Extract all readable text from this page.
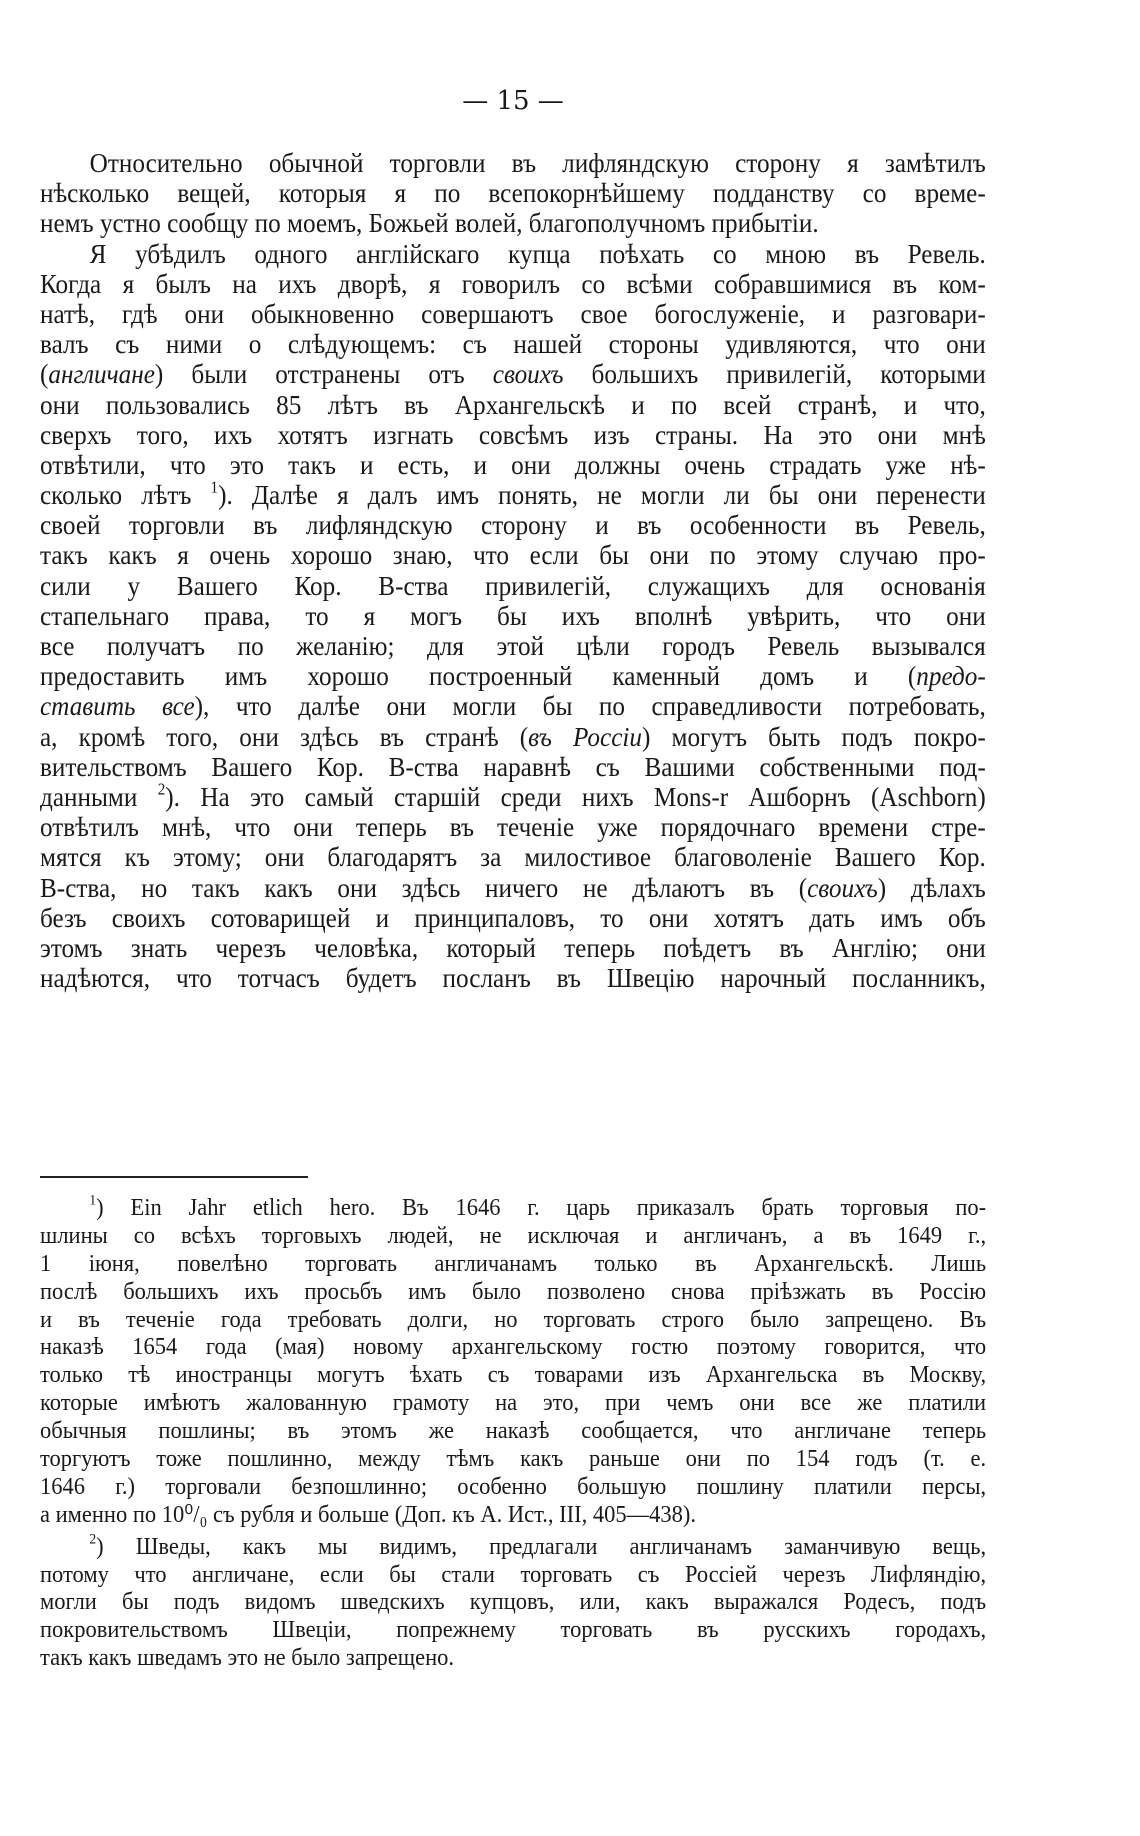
— 15 —
Относительно обычной торговли въ лифляндскую сторону я замѣтилъ
нѣсколько вещей, которыя я по всепокорнѣйшему подданству со време-
немъ устно сообщу по моемъ, Божьей волей, благополучномъ прибытіи.
Я убѣдилъ одного англійскаго купца поѣхать со мною въ Ревель.
Когда я былъ на ихъ дворѣ, я говорилъ со всѣми собравшимися въ ком-
натѣ, гдѣ они обыкновенно совершаютъ свое богослуженіе, и разговари-
валъ съ ними о слѣдующемъ: съ нашей стороны удивляются, что они
(англичане) были отстранены отъ своихъ большихъ привилегій, которыми
они пользовались 85 лѣтъ въ Архангельскѣ и по всей странѣ, и что,
сверхъ того, ихъ хотятъ изгнать совсѣмъ изъ страны. На это они мнѣ
отвѣтили, что это такъ и есть, и они должны очень страдать уже нѣ-
сколько лѣтъ $^1$). Далѣе я далъ имъ понять, не могли ли бы они перенести
своей торговли въ лифляндскую сторону и въ особенности въ Ревель,
такъ какъ я очень хорошо знаю, что если бы они по этому случаю про-
сили у Вашего Кор. В-ства привилегій, служащихъ для основанія
стапельнаго права, то я могъ бы ихъ вполнѣ увѣрить, что они
все получатъ по желанію; для этой цѣли городъ Ревель вызывался
предоставить имъ хорошо построенный каменный домъ и (предо-
ставить все), что далѣе они могли бы по справедливости потребовать,
а, кромѣ того, они здѣсь въ странѣ (въ Россіи) могутъ быть подъ покро-
вительствомъ Вашего Кор. В-ства наравнѣ съ Вашими собственными под-
данными $^2$). На это самый старшій среди нихъ Mons-r Ашборнъ (Aschborn)
отвѣтилъ мнѣ, что они теперь въ теченіе уже порядочнаго времени стре-
мятся къ этому; они благодарятъ за милостивое благоволеніе Вашего Кор.
В-ства, но такъ какъ они здѣсь ничего не дѣлаютъ въ (своихъ) дѣлахъ
безъ своихъ сотоварищей и принципаловъ, то они хотятъ дать имъ объ
этомъ знать черезъ человѣка, который теперь поѣдетъ въ Англію; они
надѣются, что тотчасъ будетъ посланъ въ Швецію нарочный посланникъ,
$^1$) Ein Jahr etlich hero. Въ 1646 г. царь приказалъ брать торговыя по-
шлины со всѣхъ торговыхъ людей, не исключая и англичанъ, а въ 1649 г.,
1 іюня, повелѣно торговать англичанамъ только въ Архангельскѣ. Лишь
послѣ большихъ ихъ просьбъ имъ было позволено снова пріѣзжать въ Россію
и въ теченіе года требовать долги, но торговать строго было запрещено. Въ
наказѣ 1654 года (мая) новому архангельскому гостю поэтому говорится, что
только тѣ иностранцы могутъ ѣхать съ товарами изъ Архангельска въ Москву,
которые имѣютъ жалованную грамоту на это, при чемъ они все же платили
обычныя пошлины; въ этомъ же наказѣ сообщается, что англичане теперь
торгуютъ тоже пошлинно, между тѣмъ какъ раньше они по 154 годъ (т. е.
1646 г.) торговали безпошлинно; особенно большую пошлину платили персы,
а именно по 10⁰/₀ съ рубля и больше (Доп. къ А. Ист., III, 405—438).
$^2$) Шведы, какъ мы видимъ, предлагали англичанамъ заманчивую вещь,
потому что англичане, если бы стали торговать съ Россіей черезъ Лифляндію,
могли бы подъ видомъ шведскихъ купцовъ, или, какъ выражался Родесъ, подъ
покровительствомъ Швеціи, попрежнему торговать въ русскихъ городахъ,
такъ какъ шведамъ это не было запрещено.
